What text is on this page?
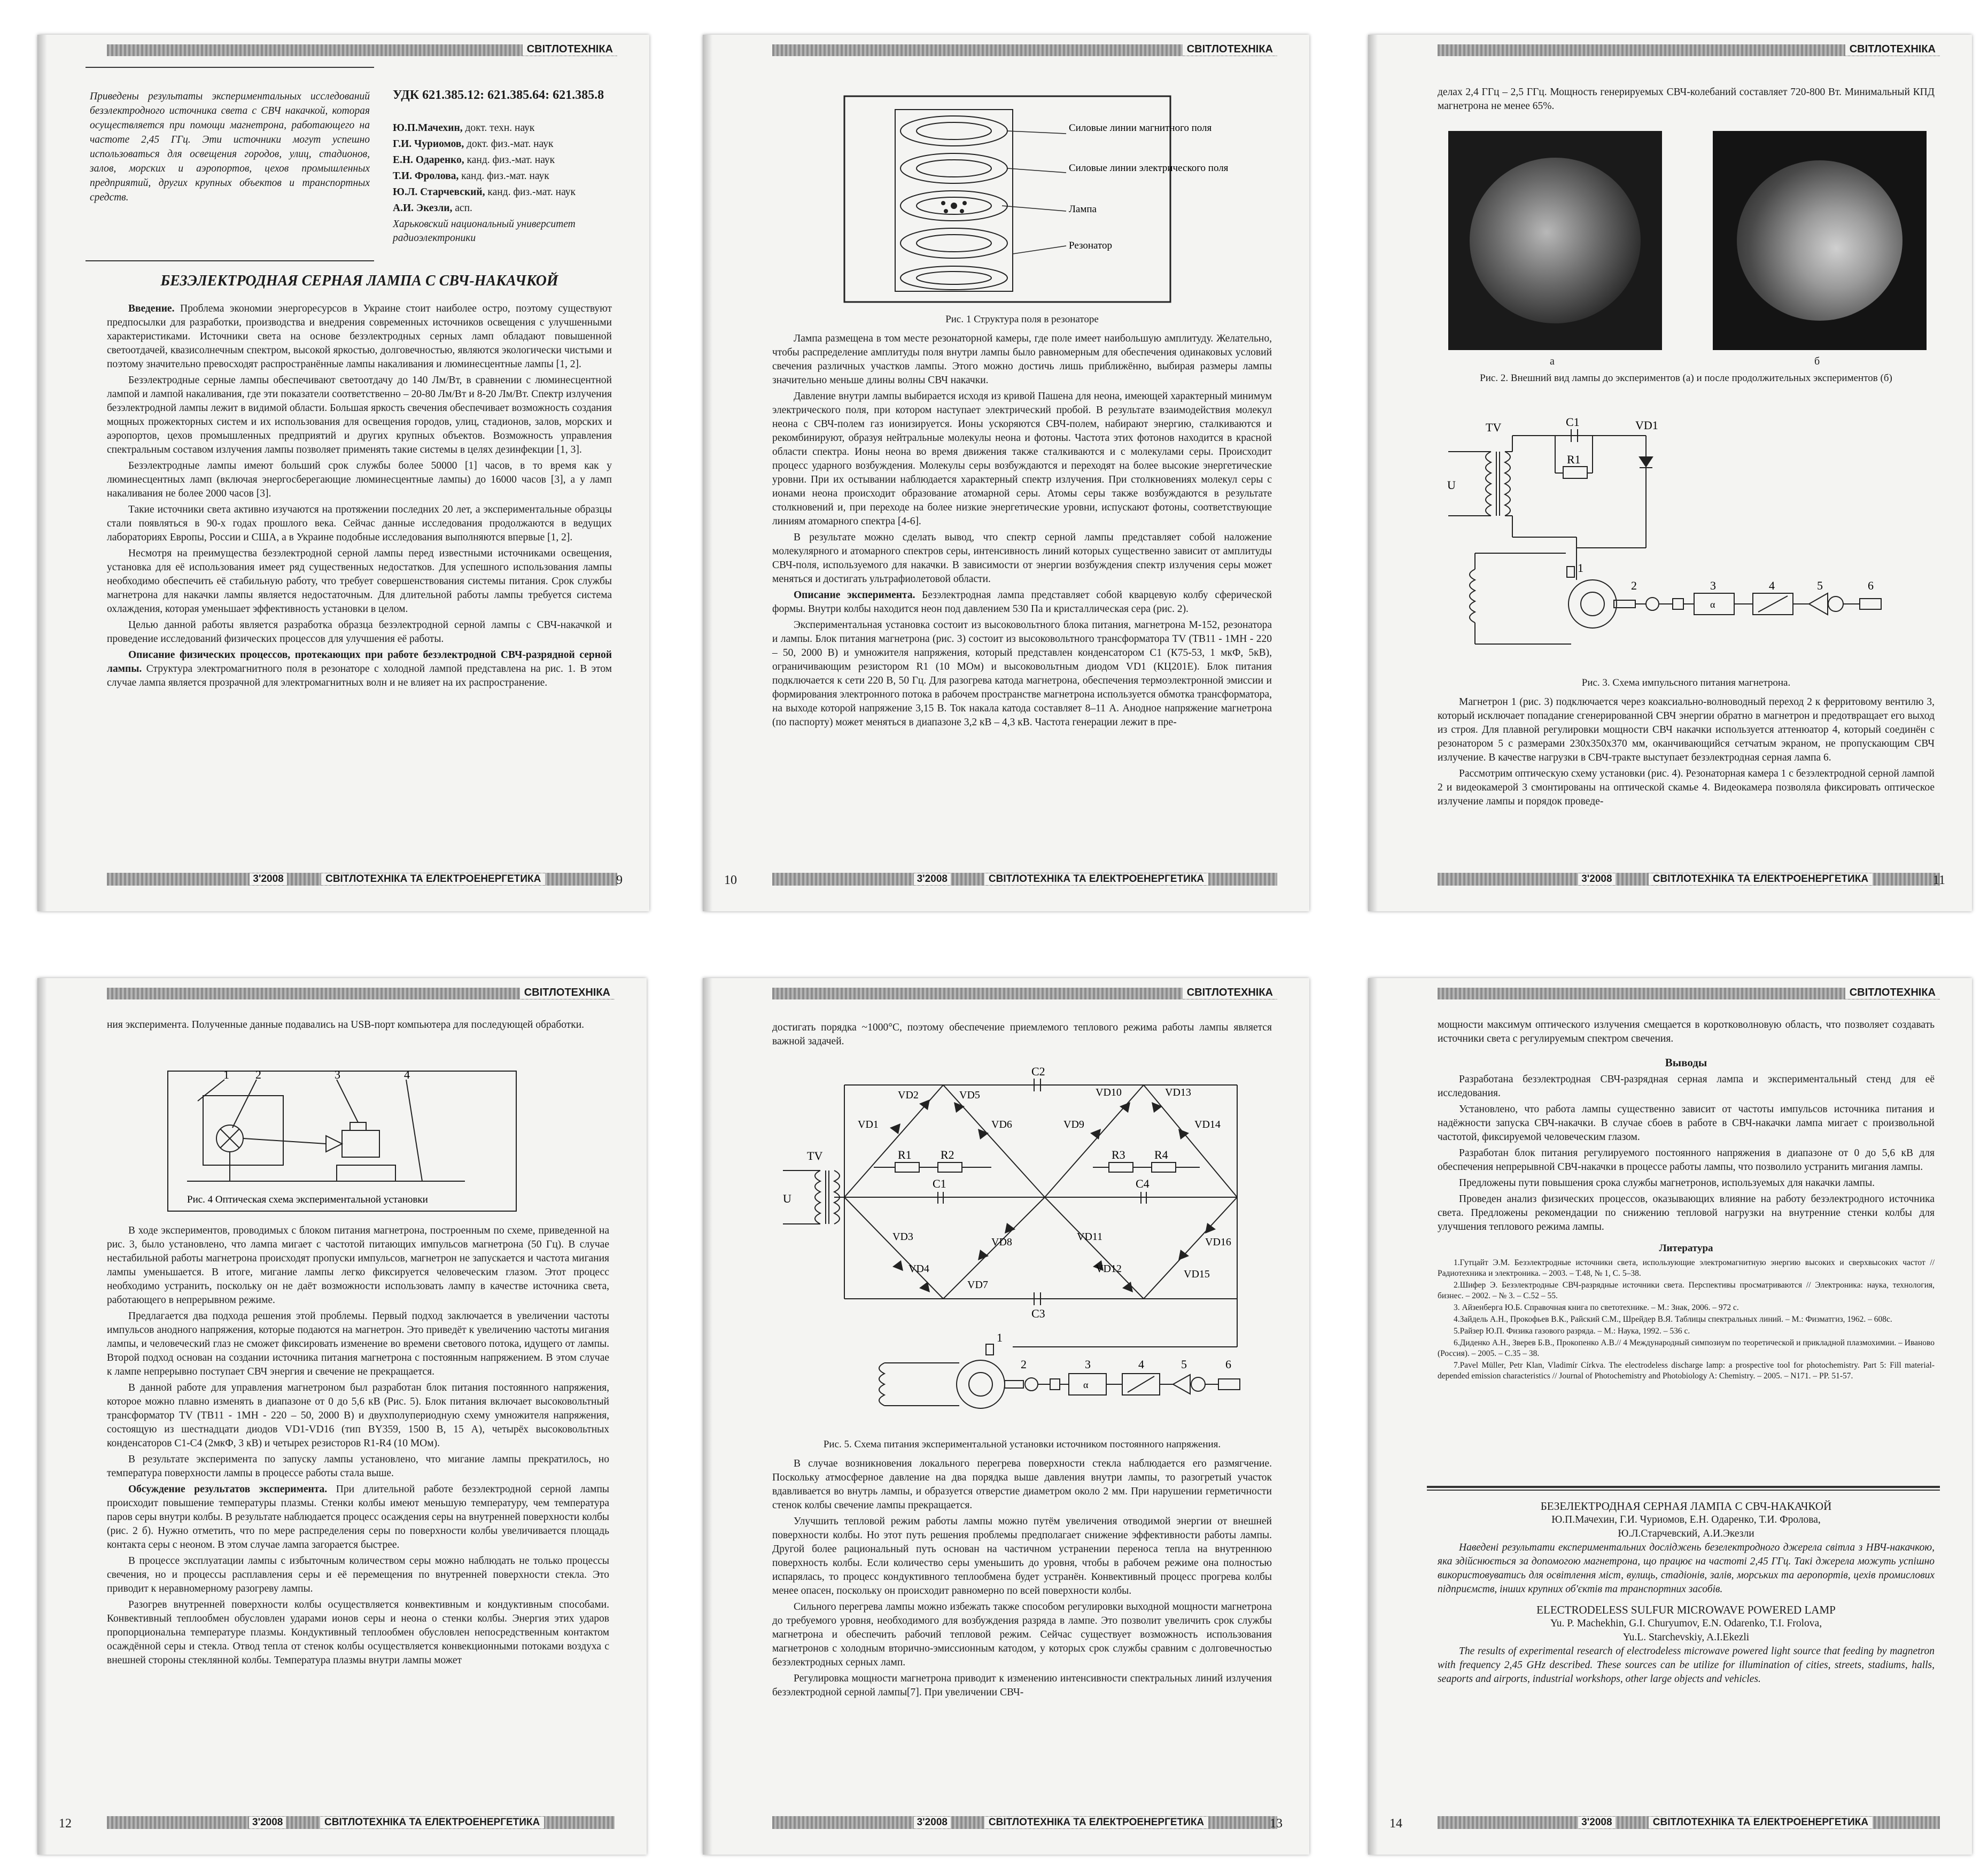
СВІТЛОТЕХНІКА
Приведены результаты экспериментальных исследований безэлектродного источника света с СВЧ накачкой, которая осуществляется при помощи магнетрона, работающего на частоте 2,45 ГГц. Эти источники могут успешно использоваться для освещения городов, улиц, стадионов, залов, морских и аэропортов, цехов промышленных предприятий, других крупных объектов и транспортных средств.
УДК 621.385.12: 621.385.64: 621.385.8
Ю.П.Мачехин, докт. техн. наук
Г.И. Чуриомов, докт. физ.-мат. наук
Е.Н. Одаренко, канд. физ.-мат. наук
Т.И. Фролова, канд. физ.-мат. наук
Ю.Л. Старчевский, канд. физ.-мат. наук
А.И. Экезли, асп.
Харьковский национальный университет радиоэлектроники
БЕЗЭЛЕКТРОДНАЯ СЕРНАЯ ЛАМПА С СВЧ-НАКАЧКОЙ

Введение. Проблема экономии энергоресурсов в Украине стоит наиболее остро, поэтому существуют предпосылки для разработки, производства и внедрения современных источников освещения с улучшенными характеристиками. Источники света на основе безэлектродных серных ламп обладают повышенной светоотдачей, квазисолнечным спектром, высокой яркостью, долговечностью, являются экологически чистыми и поэтому значительно превосходят распространённые лампы накаливания и люминесцентные лампы [1, 2].

Безэлектродные серные лампы обеспечивают светоотдачу до 140 Лм/Вт, в сравнении с люминесцентной лампой и лампой накаливания, где эти показатели соответственно – 20-80 Лм/Вт и 8-20 Лм/Вт. Спектр излучения безэлектродной лампы лежит в видимой области. Большая яркость свечения обеспечивает возможность создания мощных прожекторных систем и их использования для освещения городов, улиц, стадионов, залов, морских и аэропортов, цехов промышленных предприятий и других крупных объектов. Возможность управления спектральным составом излучения лампы позволяет применять такие системы в целях дезинфекции [1, 3].

Безэлектродные лампы имеют больший срок службы более 50000 [1] часов, в то время как у люминесцентных ламп (включая энергосберегающие люминесцентные лампы) до 16000 часов [3], а у ламп накаливания не более 2000 часов [3].

Такие источники света активно изучаются на протяжении последних 20 лет, а экспериментальные образцы стали появляться в 90-х годах прошлого века. Сейчас данные исследования продолжаются в ведущих лабораториях Европы, России и США, а в Украине подобные исследования выполняются впервые [1, 2].

Несмотря на преимущества безэлектродной серной лампы перед известными источниками освещения, установка для её использования имеет ряд существенных недостатков. Для успешного использования лампы необходимо обеспечить её стабильную работу, что требует совершенствования системы питания. Срок службы магнетрона для накачки лампы является недостаточным. Для длительной работы лампы требуется система охлаждения, которая уменьшает эффективность установки в целом.

Целью данной работы является разработка образца безэлектродной серной лампы с СВЧ-накачкой и проведение исследований физических процессов для улучшения её работы.

Описание физических процессов, протекающих при работе безэлектродной СВЧ-разрядной серной лампы. Структура электромагнитного поля в резонаторе с холодной лампой представлена на рис. 1. В этом случае лампа является прозрачной для электромагнитных волн и не влияет на их распространение.

3'2008	СВІТЛОТЕХНІКА ТА ЕЛЕКТРОЕНЕРГЕТИКА	9
СВІТЛОТЕХНІКА
Силовые линии магнитного поля
Силовые линии электрического поля
Лампа
Резонатор
Рис. 1 Структура поля в резонаторе

Лампа размещена в том месте резонаторной камеры, где поле имеет наибольшую амплитуду. Желательно, чтобы распределение амплитуды поля внутри лампы было равномерным для обеспечения одинаковых условий свечения различных участков лампы. Этого можно достичь лишь приближённо, выбирая размеры лампы значительно меньше длины волны СВЧ накачки.

Давление внутри лампы выбирается исходя из кривой Пашена для неона, имеющей характерный минимум электрического поля, при котором наступает электрический пробой. В результате взаимодействия молекул неона с СВЧ-полем газ ионизируется. Ионы ускоряются СВЧ-полем, набирают энергию, сталкиваются и рекомбинируют, образуя нейтральные молекулы неона и фотоны. Частота этих фотонов находится в красной области спектра. Ионы неона во время движения также сталкиваются и с молекулами серы. Происходит процесс ударного возбуждения. Молекулы серы возбуждаются и переходят на более высокие энергетические уровни. При их остывании наблюдается характерный спектр излучения. При столкновениях молекул серы с ионами неона происходит образование атомарной серы. Атомы серы также возбуждаются в результате столкновений и, при переходе на более низкие энергетические уровни, испускают фотоны, соответствующие линиям атомарного спектра [4-6].

В результате можно сделать вывод, что спектр серной лампы представляет собой наложение молекулярного и атомарного спектров серы, интенсивность линий которых существенно зависит от амплитуды СВЧ-поля, используемого для накачки. В зависимости от энергии возбуждения спектр излучения серы может меняться и достигать ультрафиолетовой области.

Описание эксперимента. Безэлектродная лампа представляет собой кварцевую колбу сферической формы. Внутри колбы находится неон под давлением 530 Па и кристаллическая сера (рис. 2).

Экспериментальная установка состоит из высоковольтного блока питания, магнетрона М-152, резонатора и лампы. Блок питания магнетрона (рис. 3) состоит из высоковольтного трансформатора TV (ТВ11 - 1МН - 220 – 50, 2000 В) и умножителя напряжения, который представлен конденсатором С1 (К75-53, 1 мкФ, 5кВ), ограничивающим резистором R1 (10 МОм) и высоковольтным диодом VD1 (КЦ201Е). Блок питания подключается к сети 220 В, 50 Гц. Для разогрева катода магнетрона, обеспечения термоэлектронной эмиссии и формирования электронного потока в рабочем пространстве магнетрона используется обмотка трансформатора, на выходе которой напряжение 3,15 В. Ток накала катода составляет 8–11 А. Анодное напряжение магнетрона (по паспорту) может меняться в диапазоне 3,2 кВ – 4,3 кВ. Частота генерации лежит в пре-

3'2008	СВІТЛОТЕХНІКА ТА ЕЛЕКТРОЕНЕРГЕТИКА
10
СВІТЛОТЕХНІКА

делах 2,4 ГГц – 2,5 ГГц. Мощность генерируемых СВЧ-колебаний составляет 720-800 Вт. Минимальный КПД магнетрона не менее 65%.

а	б
Рис. 2. Внешний вид лампы до экспериментов (а) и после продолжительных экспериментов (б)
TV	C1	VD1
R1
U
1
2	3	4	5	6
α
Рис. 3. Схема импульсного питания магнетрона.

Магнетрон 1 (рис. 3) подключается через коаксиально-волноводный переход 2 к ферритовому вентилю 3, который исключает попадание сгенерированной СВЧ энергии обратно в магнетрон и предотвращает его выход из строя. Для плавной регулировки мощности СВЧ накачки используется аттенюатор 4, который соединён с резонатором 5 с размерами 230х350х370 мм, оканчивающийся сетчатым экраном, не пропускающим СВЧ излучение. В качестве нагрузки в СВЧ-тракте выступает безэлектродная серная лампа 6.

Рассмотрим оптическую схему установки (рис. 4). Резонаторная камера 1 с безэлектродной серной лампой 2 и видеокамерой 3 смонтированы на оптической скамье 4. Видеокамера позволяла фиксировать оптическое излучение лампы и порядок проведе-

3'2008	СВІТЛОТЕХНІКА ТА ЕЛЕКТРОЕНЕРГЕТИКА	11
СВІТЛОТЕХНІКА

ния эксперимента. Полученные данные подавались на USB-порт компьютера для последующей обработки.

1 2	3	4
Рис. 4 Оптическая схема экспериментальной установки

В ходе экспериментов, проводимых с блоком питания магнетрона, построенным по схеме, приведенной на рис. 3, было установлено, что лампа мигает с частотой питающих импульсов магнетрона (50 Гц). В случае нестабильной работы магнетрона происходят пропуски импульсов, магнетрон не запускается и частота мигания лампы уменьшается. В итоге, мигание лампы легко фиксируется человеческим глазом. Этот процесс необходимо устранить, поскольку он не даёт возможности использовать лампу в качестве источника света, работающего в непрерывном режиме.

Предлагается два подхода решения этой проблемы. Первый подход заключается в увеличении частоты импульсов анодного напряжения, которые подаются на магнетрон. Это приведёт к увеличению частоты мигания лампы, и человеческий глаз не сможет фиксировать изменение во времени светового потока, идущего от лампы. Второй подход основан на создании источника питания магнетрона с постоянным напряжением. В этом случае к лампе непрерывно поступает СВЧ энергия и свечение не прекращается.

В данной работе для управления магнетроном был разработан блок питания постоянного напряжения, которое можно плавно изменять в диапазоне от 0 до 5,6 кВ (Рис. 5). Блок питания включает высоковольтный трансформатор TV (ТВ11 - 1МН - 220 – 50, 2000 В) и двухполупериодную схему умножителя напряжения, состоящую из шестнадцати диодов VD1-VD16 (тип BY359, 1500 В, 15 А), четырёх высоковольтных конденсаторов С1-С4 (2мкФ, 3 кВ) и четырех резисторов R1-R4 (10 МОм).

В результате эксперимента по запуску лампы установлено, что мигание лампы прекратилось, но температура поверхности лампы в процессе работы стала выше.

Обсуждение результатов эксперимента. При длительной работе безэлектродной серной лампы происходит повышение температуры плазмы. Стенки колбы имеют меньшую температуру, чем температура паров серы внутри колбы. В результате наблюдается процесс осаждения серы на внутренней поверхности колбы (рис. 2 б). Нужно отметить, что по мере распределения серы по поверхности колбы увеличивается площадь контакта серы с неоном. В этом случае лампа загорается быстрее.

В процессе эксплуатации лампы с избыточным количеством серы можно наблюдать не только процессы свечения, но и процессы расплавления серы и её перемещения по внутренней поверхности стекла. Это приводит к неравномерному разогреву лампы.

Разогрев внутренней поверхности колбы осуществляется конвективным и кондуктивным способами. Конвективный теплообмен обусловлен ударами ионов серы и неона о стенки колбы. Энергия этих ударов пропорциональна температуре плазмы. Кондуктивный теплообмен обусловлен непосредственным контактом осаждённой серы и стекла. Отвод тепла от стенок колбы осуществляется конвекционными потоками воздуха с внешней стороны стеклянной колбы. Температура плазмы внутри лампы может

3'2008	СВІТЛОТЕХНІКА ТА ЕЛЕКТРОЕНЕРГЕТИКА
12
СВІТЛОТЕХНІКА

достигать порядка ~1000°С, поэтому обеспечение приемлемого теплового режима работы лампы является важной задачей.

C2
C3
C1	C4
R1 R2	R3 R4
TV
U
VD1
VD2
VD3
VD4
VD5
VD6
VD7
VD8
VD9
VD10
VD11
VD12
VD13
VD14
VD15
VD16
1
2	3	4	5	6
α
Рис. 5. Схема питания экспериментальной установки источником постоянного напряжения.

В случае возникновения локального перегрева поверхности стекла наблюдается его размягчение. Поскольку атмосферное давление на два порядка выше давления внутри лампы, то разогретый участок вдавливается во внутрь лампы, и образуется отверстие диаметром около 2 мм. При нарушении герметичности стенок колбы свечение лампы прекращается.

Улучшить тепловой режим работы лампы можно путём увеличения отводимой энергии от внешней поверхности колбы. Но этот путь решения проблемы предполагает снижение эффективности работы лампы. Другой более рациональный путь основан на частичном устранении переноса тепла на внутреннюю поверхность колбы. Если количество серы уменьшить до уровня, чтобы в рабочем режиме она полностью испарялась, то процесс кондуктивного теплообмена будет устранён. Конвективный процесс прогрева колбы менее опасен, поскольку он происходит равномерно по всей поверхности колбы.

Сильного перегрева лампы можно избежать также способом регулировки выходной мощности магнетрона до требуемого уровня, необходимого для возбуждения разряда в лампе. Это позволит увеличить срок службы магнетрона и обеспечить рабочий тепловой режим. Сейчас существует возможность использования магнетронов с холодным вторично-эмиссионным катодом, у которых срок службы сравним с долговечностью безэлектродных серных ламп.

Регулировка мощности магнетрона приводит к изменению интенсивности спектральных линий излучения безэлектродной серной лампы[7]. При увеличении СВЧ-

3'2008	СВІТЛОТЕХНІКА ТА ЕЛЕКТРОЕНЕРГЕТИКА	13
СВІТЛОТЕХНІКА

мощности максимум оптического излучения смещается в коротковолновую область, что позволяет создавать источники света с регулируемым спектром свечения.

Выводы

Разработана безэлектродная СВЧ-разрядная серная лампа и экспериментальный стенд для её исследования.

Установлено, что работа лампы существенно зависит от частоты импульсов источника питания и надёжности запуска СВЧ-накачки. В случае сбоев в работе в СВЧ-накачки лампа мигает с произвольной частотой, фиксируемой человеческим глазом.

Разработан блок питания регулируемого постоянного напряжения в диапазоне от 0 до 5,6 кВ для обеспечения непрерывной СВЧ-накачки в процессе работы лампы, что позволило устранить мигания лампы.

Предложены пути повышения срока службы магнетронов, используемых для накачки лампы.

Проведен анализ физических процессов, оказывающих влияние на работу безэлектродного источника света. Предложены рекомендации по снижению тепловой нагрузки на внутренние стенки колбы для улучшения теплового режима лампы.

Литература

1.Гутцайт Э.М. Безэлектродные источники света, использующие электромагнитную энергию высоких и сверхвысоких частот // Радиотехника и электроника. – 2003. – Т.48, № 1, С. 5–38.

2.Шифер Э. Безэлектродные СВЧ-разрядные источники света. Перспективы просматриваются // Электроника: наука, технология, бизнес. – 2002. – № 3. – С.52 – 55.

3. Айзенберга Ю.Б. Справочная книга по светотехнике. – М.: Знак, 2006. – 972 с.

4.Зайдель А.Н., Прокофьев В.К., Райский С.М., Шрейдер В.Я. Таблицы спектральных линий. – М.: Физматгиз, 1962. – 608с.

5.Райзер Ю.П. Физика газового разряда. – М.: Наука, 1992. – 536 с.

6.Диденко А.Н., Зверев Б.В., Прокопенко А.В.// 4 Международный симпозиум по теоретической и прикладной плазмохимии. – Иваново (Россия). – 2005. – С.35 – 38.

7.Pavel Müller, Petr Klan, Vladimír Církva. The electrodeless discharge lamp: a prospective tool for photochemistry. Part 5: Fill material-depended emission characteristics // Journal of Photochemistry and Photobiology A: Chemistry. – 2005. – N171. – PP. 51-57.

БЕЗЕЛЕКТРОДНАЯ СЕРНАЯ ЛАМПА С СВЧ-НАКАЧКОЙ
Ю.П.Мачехин, Г.И. Чуриомов, Е.Н. Одаренко, Т.И. Фролова,
Ю.Л.Старчевский, А.И.Экезли

Наведені результати експериментальних досліджень безелектродного джерела світла з НВЧ-накачкою, яка здійснюється за допомогою магнетрона, що працює на частоті 2,45 ГГц. Такі джерела можуть успішно використовуватись для освітлення міст, вулиць, стадіонів, залів, морських та аеропортів, цехів промислових підприємств, інших крупних об'єктів та транспортних засобів.

ELECTRODELESS SULFUR MICROWAVE POWERED LAMP
Yu. P. Machekhin, G.I. Churyumov, E.N. Odarenko, T.I. Frolova,
Yu.L. Starchevskiy, A.I.Ekezli

The results of experimental research of electrodeless microwave powered light source that feeding by magnetron with frequency 2,45 GHz described. These sources can be utilize for illumination of cities, streets, stadiums, halls, seaports and airports, industrial workshops, other large objects and vehicles.

3'2008	СВІТЛОТЕХНІКА ТА ЕЛЕКТРОЕНЕРГЕТИКА
14
